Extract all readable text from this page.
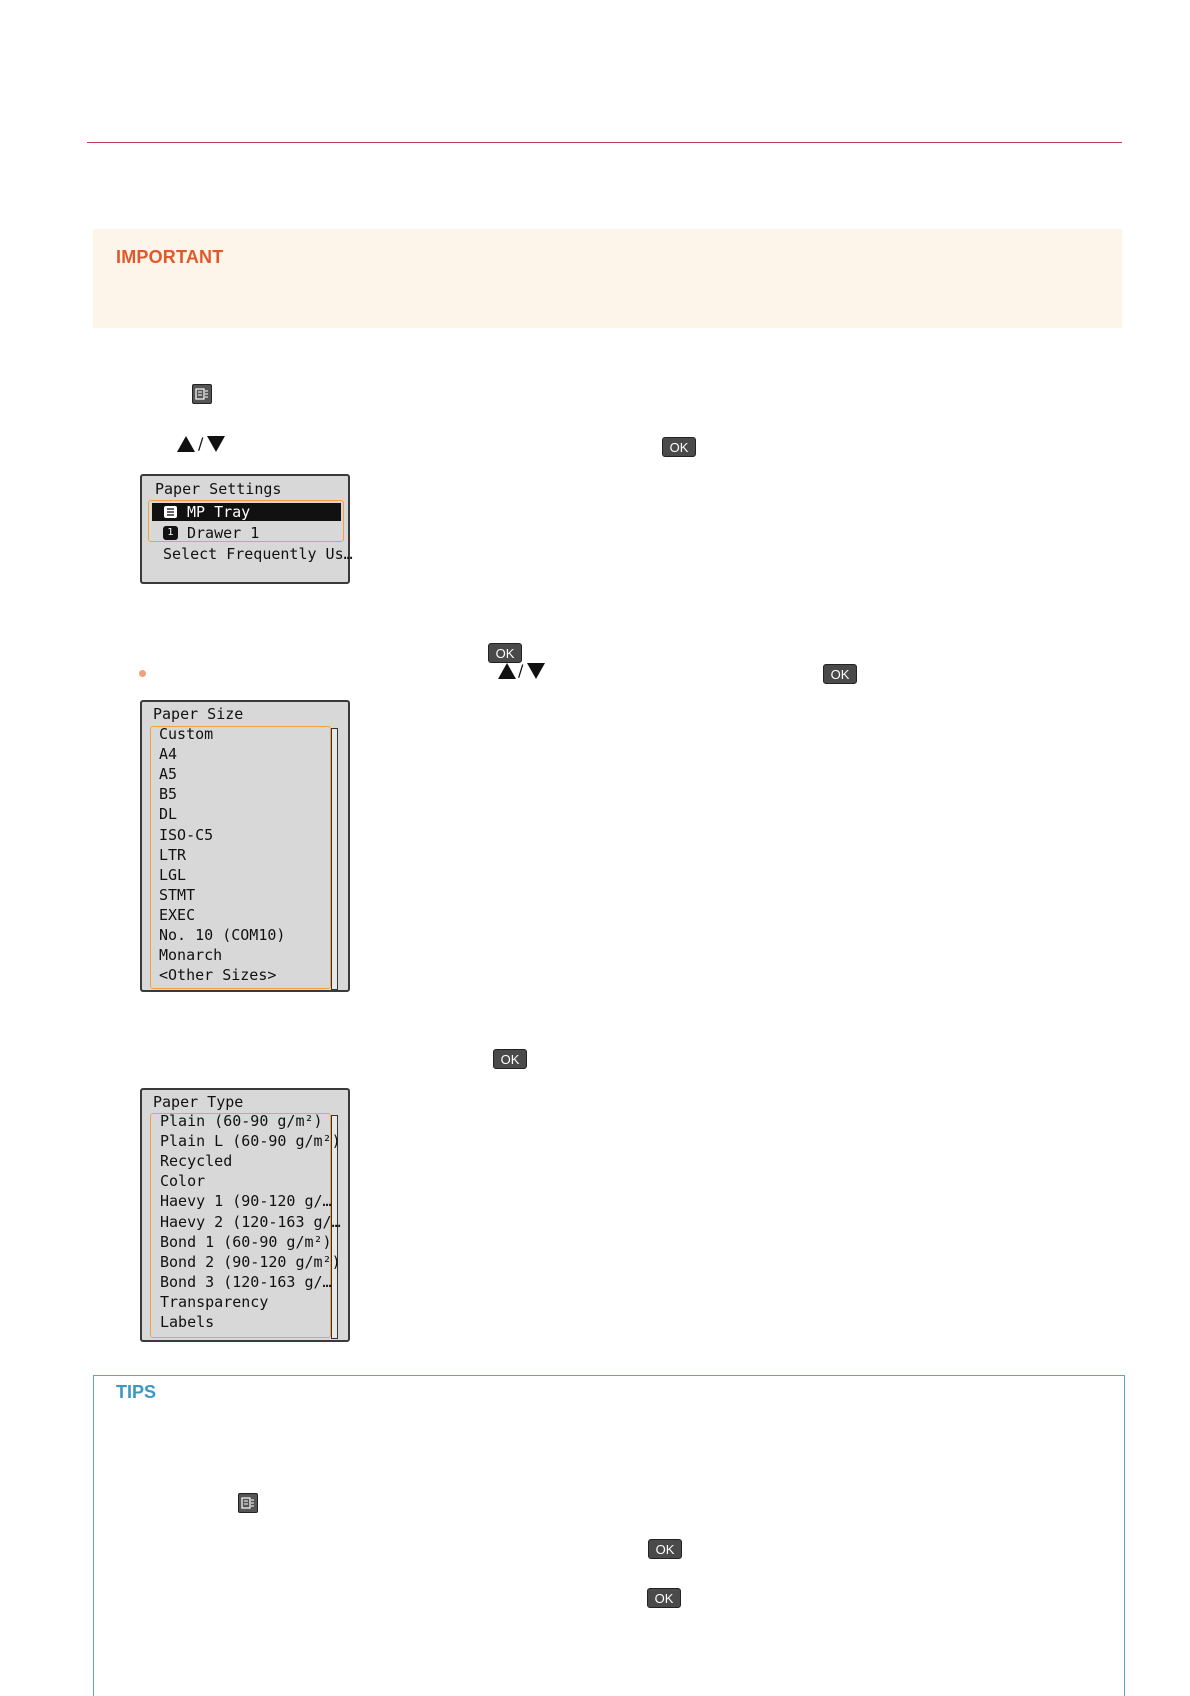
IMPORTANT
/	OK
Paper Settings
MP Tray
1 Drawer 1
Select Frequently Us…
OK
/	OK
Paper Size
Custom
A4
A5
B5
DL
ISO-C5
LTR
LGL
STMT
EXEC
No. 10 (COM10)
Monarch
<Other Sizes>
OK
Paper Type
Plain (60-90 g/m²)
Plain L (60-90 g/m²)
Recycled
Color
Haevy 1 (90-120 g/…
Haevy 2 (120-163 g/…
Bond 1 (60-90 g/m²)
Bond 2 (90-120 g/m²)
Bond 3 (120-163 g/…
Transparency
Labels
TIPS
OK
OK
